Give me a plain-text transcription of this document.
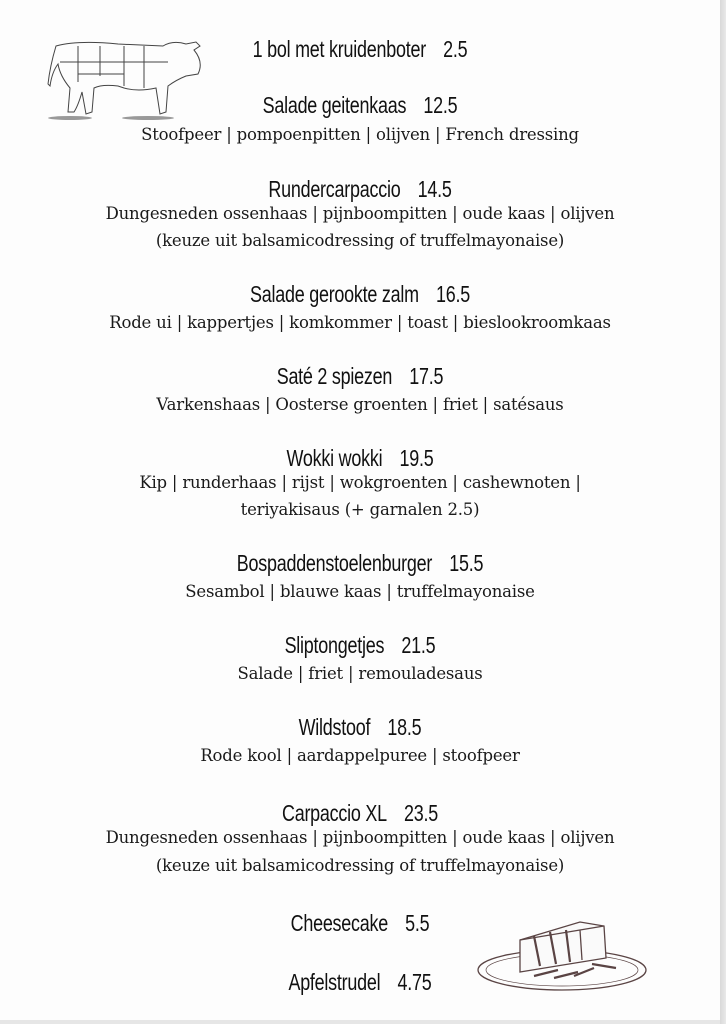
1 bol met kruidenboter 2.5
Salade geitenkaas 12.5
Stoofpeer | pompoenpitten | olijven | French dressing
Rundercarpaccio 14.5
Dungesneden ossenhaas | pijnboompitten | oude kaas | olijven
(keuze uit balsamicodressing of truffelmayonaise)
Salade gerookte zalm 16.5
Rode ui | kappertjes | komkommer | toast | bieslookroomkaas
Saté 2 spiezen 17.5
Varkenshaas | Oosterse groenten | friet | satésaus
Wokki wokki 19.5
Kip | runderhaas | rijst | wokgroenten | cashewnoten |
teriyakisaus (+ garnalen 2.5)
Bospaddenstoelenburger 15.5
Sesambol | blauwe kaas | truffelmayonaise
Sliptongetjes 21.5
Salade | friet | remouladesaus
Wildstoof 18.5
Rode kool | aardappelpuree | stoofpeer
Carpaccio XL 23.5
Dungesneden ossenhaas | pijnboompitten | oude kaas | olijven
(keuze uit balsamicodressing of truffelmayonaise)
Cheesecake 5.5
Apfelstrudel 4.75
